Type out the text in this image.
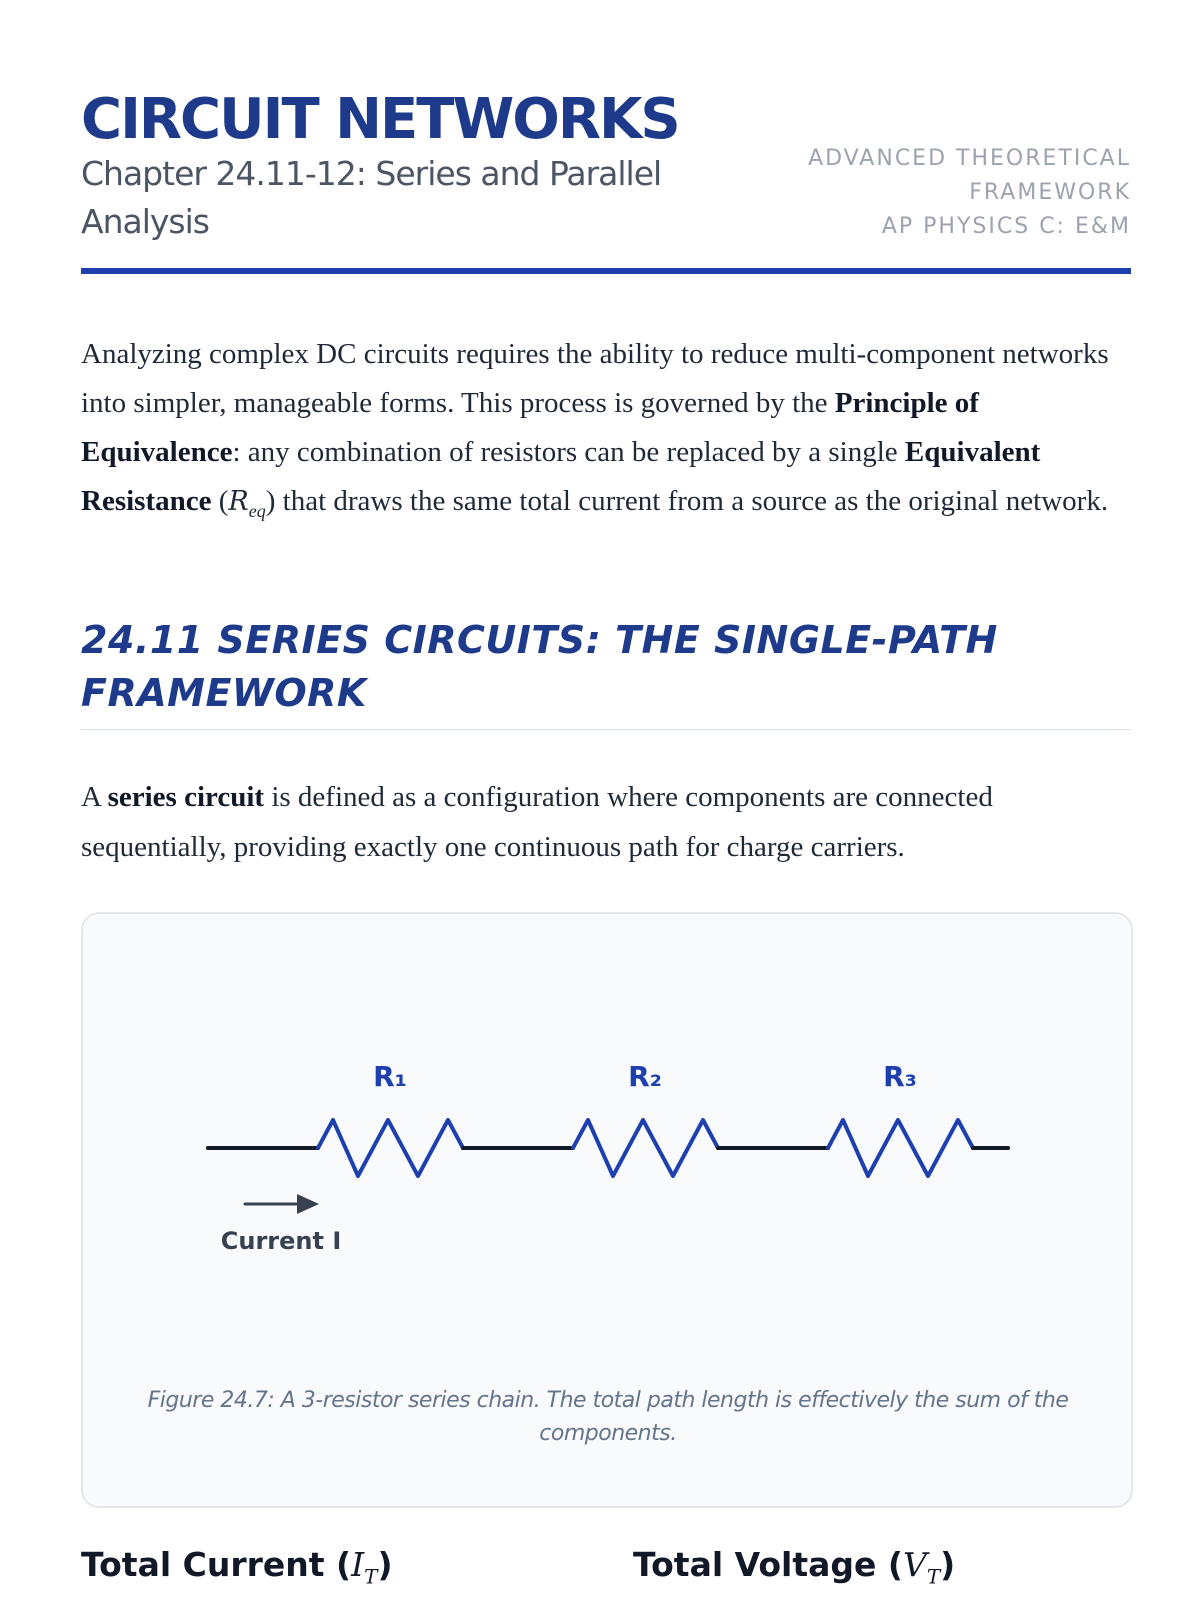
CIRCUIT NETWORKS

Chapter 24.11-12: Series and Parallel Analysis

ADVANCED THEORETICAL
FRAMEWORK
AP PHYSICS C: E&M

Analyzing complex DC circuits requires the ability to reduce multi-component networks into simpler, manageable forms. This process is governed by the Principle of Equivalence: any combination of resistors can be replaced by a single Equivalent Resistance $(R_{eq})$ that draws the same total current from a source as the original network.

24.11 SERIES CIRCUITS: THE SINGLE-PATH FRAMEWORK

A series circuit is defined as a configuration where components are connected sequentially, providing exactly one continuous path for charge carriers.

R₁	R₂	R₃
Current I

Figure 24.7: A 3-resistor series chain. The total path length is effectively the sum of the components.

Total Current $(I_T)$	Total Voltage $(V_T)$
